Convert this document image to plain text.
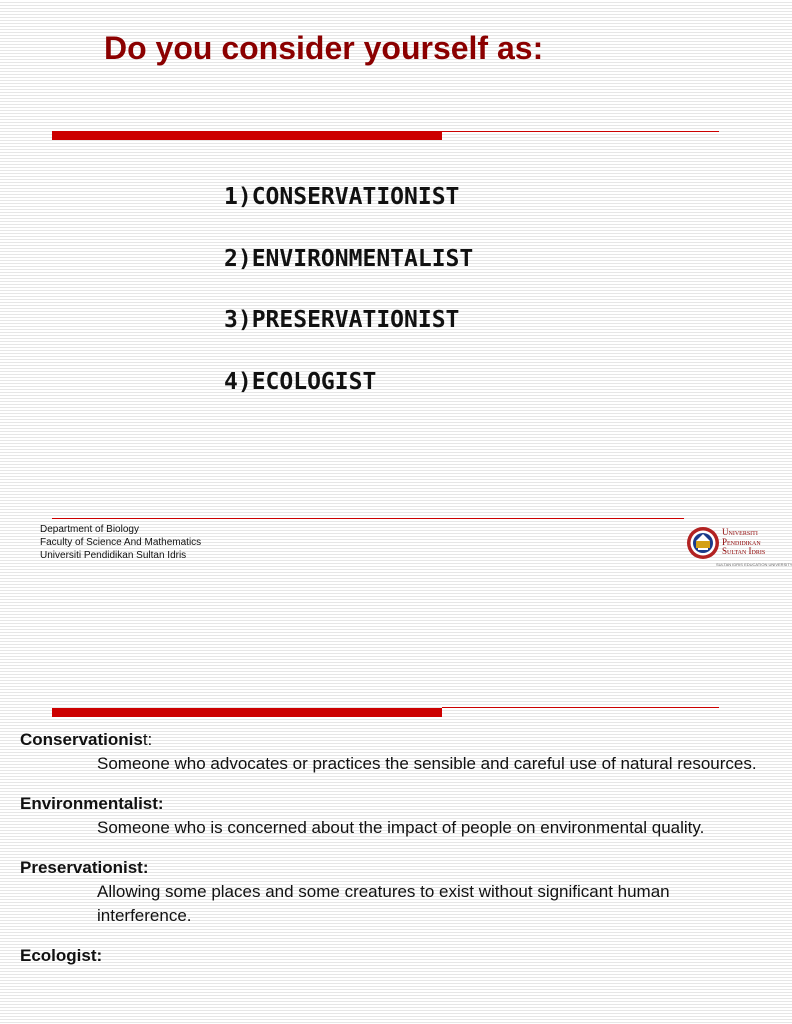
Do you consider yourself as:
1)CONSERVATIONIST
2)ENVIRONMENTALIST
3)PRESERVATIONIST
4)ECOLOGIST
Department of Biology
Faculty of Science And Mathematics
Universiti Pendidikan Sultan Idris
Universiti
Pendidikan
Sultan Idris
SULTAN IDRIS EDUCATION UNIVERSITY
Conservationist:
Someone who advocates or practices the sensible and careful use of natural resources.
Environmentalist:
Someone who is concerned about the impact of people on environmental quality.
Preservationist:
Allowing some places and some creatures to exist without significant human interference.
Ecologist:
